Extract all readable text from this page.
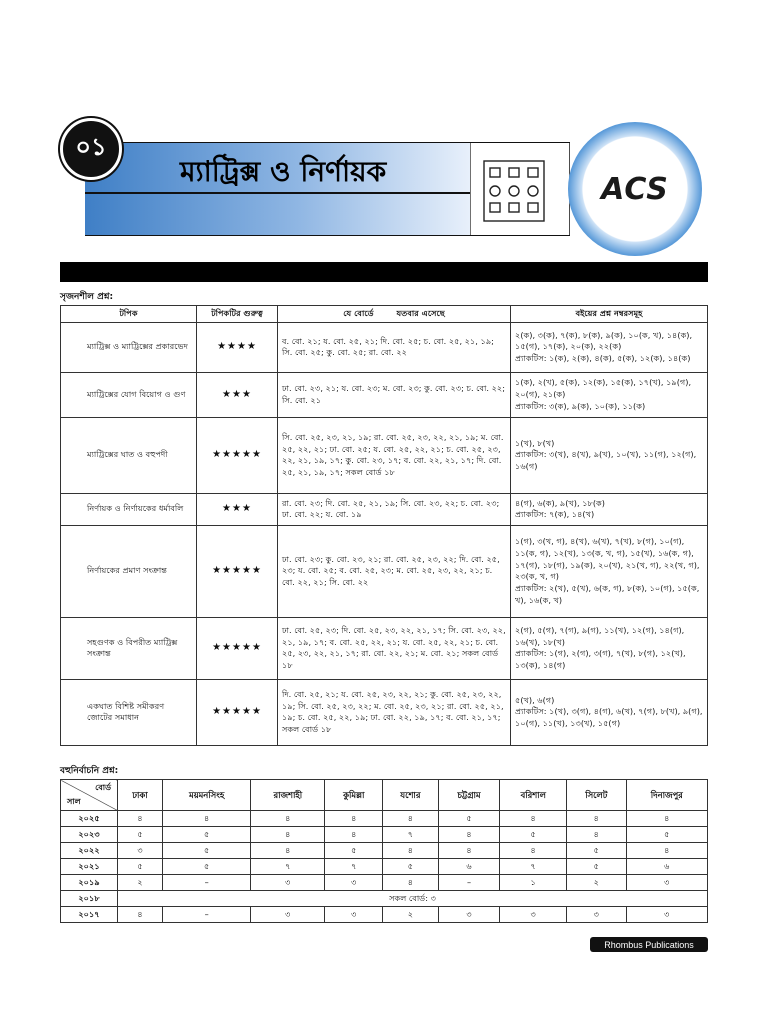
০১
ম্যাট্রিক্স ও নির্ণায়ক	ACS
সৃজনশীল প্রশ্ন:
টপিক	টপিকটির গুরুত্ব	যে বোর্ডে        যতবার এসেছে	বইয়ের প্রশ্ন নম্বরসমূহ
ম্যাট্রিক্স ও ম্যাট্রিক্সের প্রকারভেদ	★★★★	ব. বো. ২১; য. বো. ২৫, ২১; দি. বো. ২৫; চ. বো. ২৫, ২১, ১৯; সি. বো. ২৫; কু. বো. ২৫; রা. বো. ২২	২(ক), ৩(ক), ৭(ক), ৮(ক), ৯(ক), ১০(ক, খ), ১৪(ক), ১৫(গ), ১৭(ক), ২০(ক), ২২(ক)
প্র্যাকটিস: ১(ক), ২(ক), ৪(ক), ৫(ক), ১২(ক), ১৪(ক)
ম্যাট্রিক্সের যোগ বিয়োগ ও গুণ	★★★	ঢা. বো. ২৩, ২১; য. বো. ২৩; ম. বো. ২৩; কু. বো. ২৩; চ. বো. ২২; সি. বো. ২১	১(ক), ২(খ), ৫(ক), ১২(ক), ১৫(ক), ১৭(খ), ১৯(গ), ২০(গ), ২১(ক)
প্র্যাকটিস: ৩(ক), ৯(ক), ১০(ক), ১১(ক)
ম্যাট্রিক্সের ঘাত ও বহুপদী	★★★★★	সি. বো. ২৫, ২৩, ২১, ১৯; রা. বো. ২৫, ২৩, ২২, ২১, ১৯; ম. বো. ২৫, ২২, ২১; ঢা. বো. ২৫; য. বো. ২৫, ২২, ২১; চ. বো. ২৫, ২৩, ২২, ২১, ১৯, ১৭; কু. বো. ২৩, ১৭; ব. বো. ২২, ২১, ১৭; দি. বো. ২৫, ২১, ১৯, ১৭; সকল বোর্ড ১৮	১(খ), ৮(খ)
প্র্যাকটিস: ৩(খ), ৪(খ), ৯(খ), ১০(খ), ১১(গ), ১২(গ), ১৬(গ)
নির্ণায়ক ও নির্ণায়কের ধর্মাবলি	★★★	রা. বো. ২৩; দি. বো. ২৫, ২১, ১৯; সি. বো. ২৩, ২২; চ. বো. ২৩; ঢা. বো. ২২; য. বো. ১৯	৪(গ), ৬(ক), ৯(খ), ১৮(ক)
প্র্যাকটিস: ৭(ক), ১৪(খ)
নির্ণায়কের প্রমাণ সংক্রান্ত	★★★★★	ঢা. বো. ২৩; কু. বো. ২৩, ২১; রা. বো. ২৫, ২৩, ২২; দি. বো. ২৫, ২৩; য. বো. ২৫; ব. বো. ২৫, ২৩; ম. বো. ২৫, ২৩, ২২, ২১; চ. বো. ২২, ২১; সি. বো. ২২	১(গ), ৩(খ, গ), ৪(খ), ৬(খ), ৭(খ), ৮(গ), ১০(গ), ১১(ক, গ), ১২(খ), ১৩(ক, খ, গ), ১৫(খ), ১৬(ক, গ), ১৭(গ), ১৮(গ), ১৯(ক), ২০(খ), ২১(খ, গ), ২২(খ, গ), ২৩(ক, খ, গ)
প্র্যাকটিস: ২(খ), ৫(খ), ৬(ক, গ), ৮(ক), ১০(গ), ১৫(ক, খ), ১৬(ক, খ)
সহগুণক ও বিপরীত ম্যাট্রিক্স সংক্রান্ত	★★★★★	ঢা. বো. ২৫, ২৩; দি. বো. ২৫, ২৩, ২২, ২১, ১৭; সি. বো. ২৩, ২২, ২১, ১৯, ১৭; ব. বো. ২৫, ২২, ২১; য. বো. ২৫, ২২, ২১; চ. বো. ২৫, ২৩, ২২, ২১, ১৭; রা. বো. ২২, ২১; ম. বো. ২১; সকল বোর্ড ১৮	২(গ), ৫(গ), ৭(গ), ৯(গ), ১১(খ), ১২(গ), ১৪(গ), ১৬(খ), ১৮(খ)
প্র্যাকটিস: ১(গ), ২(গ), ৩(গ), ৭(খ), ৮(গ), ১২(খ), ১৩(ক), ১৪(গ)
একঘাত বিশিষ্ট সমীকরণ জোটের সমাধান	★★★★★	দি. বো. ২৫, ২১; য. বো. ২৫, ২৩, ২২, ২১; কু. বো. ২৫, ২৩, ২২, ১৯; সি. বো. ২৫, ২৩, ২২; ম. বো. ২৫, ২৩, ২১; রা. বো. ২৫, ২১, ১৯; চ. বো. ২৫, ২২, ১৯; ঢা. বো. ২২, ১৯, ১৭; ব. বো. ২১, ১৭; সকল বোর্ড ১৮	৫(খ), ৬(গ)
প্র্যাকটিস: ১(খ), ৩(গ), ৪(গ), ৬(খ), ৭(গ), ৮(খ), ৯(গ), ১০(গ), ১১(খ), ১৩(খ), ১৫(গ)
বহুনির্বাচনি প্রশ্ন:
বোর্ড
সাল	ঢাকা	ময়মনসিংহ	রাজশাহী	কুমিল্লা	যশোর	চট্টগ্রাম	বরিশাল	সিলেট	দিনাজপুর
২০২৫	৪	৪	৪	৪	৪	৫	৪	৪	৪
২০২৩	৫	৫	৪	৪	৭	৪	৫	৪	৫
২০২২	৩	৫	৪	৫	৪	৪	৪	৫	৪
২০২১	৫	৫	৭	৭	৫	৬	৭	৫	৬
২০১৯	২	–	৩	৩	৪	–	১	২	৩
২০১৮	সকল বোর্ড: ৩								
২০১৭	৪	–	৩	৩	২	৩	৩	৩	৩
Rhombus Publications
